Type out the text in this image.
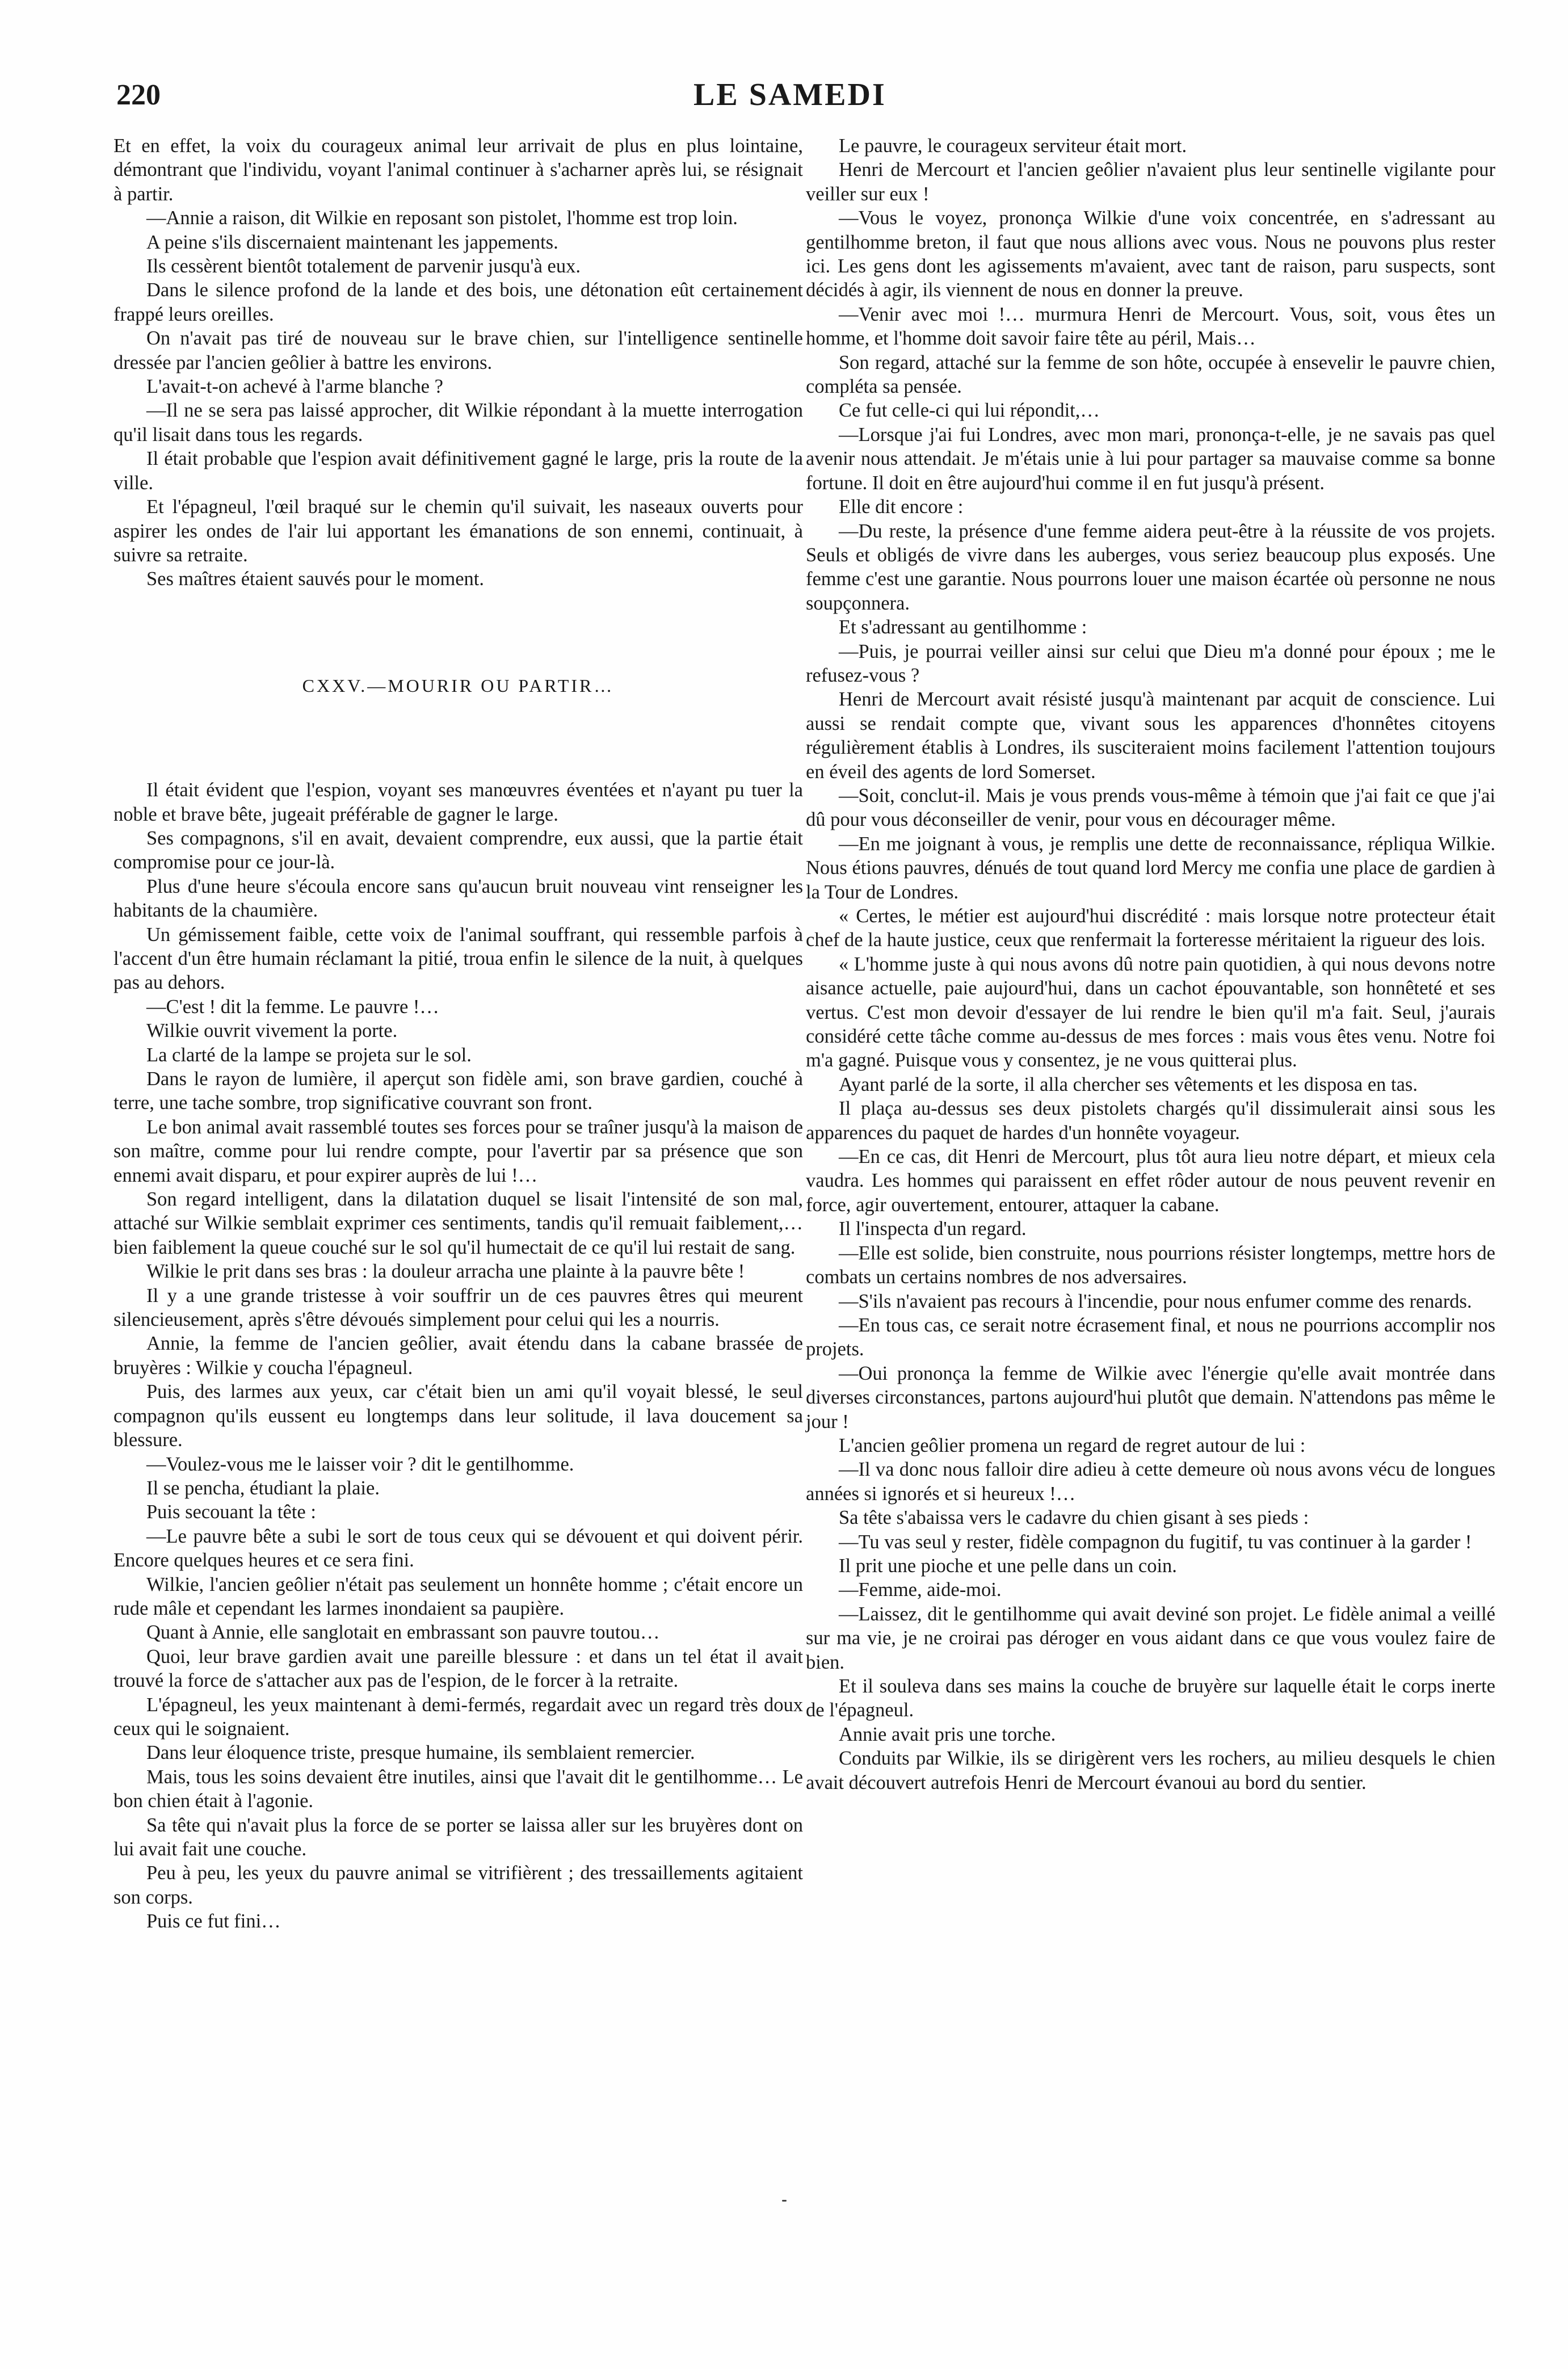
220	LE SAMEDI

Et en effet, la voix du courageux animal leur arrivait de plus en plus lointaine, démontrant que l'individu, voyant l'animal continuer à s'acharner après lui, se résignait à partir.

—Annie a raison, dit Wilkie en reposant son pistolet, l'homme est trop loin.

A peine s'ils discernaient maintenant les jappements.

Ils cessèrent bientôt totalement de parvenir jusqu'à eux.

Dans le silence profond de la lande et des bois, une détonation eût certainement frappé leurs oreilles.

On n'avait pas tiré de nouveau sur le brave chien, sur l'intelligence sentinelle dressée par l'ancien geôlier à battre les environs.

L'avait-t-on achevé à l'arme blanche ?

—Il ne se sera pas laissé approcher, dit Wilkie répondant à la muette interrogation qu'il lisait dans tous les regards.

Il était probable que l'espion avait définitivement gagné le large, pris la route de la ville.

Et l'épagneul, l'œil braqué sur le chemin qu'il suivait, les naseaux ouverts pour aspirer les ondes de l'air lui apportant les émanations de son ennemi, continuait, à suivre sa retraite.

Ses maîtres étaient sauvés pour le moment.

CXXV.—MOURIR OU PARTIR…

Il était évident que l'espion, voyant ses manœuvres éventées et n'ayant pu tuer la noble et brave bête, jugeait préférable de gagner le large.

Ses compagnons, s'il en avait, devaient comprendre, eux aussi, que la partie était compromise pour ce jour-là.

Plus d'une heure s'écoula encore sans qu'aucun bruit nouveau vint renseigner les habitants de la chaumière.

Un gémissement faible, cette voix de l'animal souffrant, qui ressemble parfois à l'accent d'un être humain réclamant la pitié, troua enfin le silence de la nuit, à quelques pas au dehors.

—C'est ! dit la femme. Le pauvre !…

Wilkie ouvrit vivement la porte.

La clarté de la lampe se projeta sur le sol.

Dans le rayon de lumière, il aperçut son fidèle ami, son brave gardien, couché à terre, une tache sombre, trop significative couvrant son front.

Le bon animal avait rassemblé toutes ses forces pour se traîner jusqu'à la maison de son maître, comme pour lui rendre compte, pour l'avertir par sa présence que son ennemi avait disparu, et pour expirer auprès de lui !…

Son regard intelligent, dans la dilatation duquel se lisait l'intensité de son mal, attaché sur Wilkie semblait exprimer ces sentiments, tandis qu'il remuait faiblement,… bien faiblement la queue couché sur le sol qu'il humectait de ce qu'il lui restait de sang.

Wilkie le prit dans ses bras : la douleur arracha une plainte à la pauvre bête !

Il y a une grande tristesse à voir souffrir un de ces pauvres êtres qui meurent silencieusement, après s'être dévoués simplement pour celui qui les a nourris.

Annie, la femme de l'ancien geôlier, avait étendu dans la cabane brassée de bruyères : Wilkie y coucha l'épagneul.

Puis, des larmes aux yeux, car c'était bien un ami qu'il voyait blessé, le seul compagnon qu'ils eussent eu longtemps dans leur solitude, il lava doucement sa blessure.

—Voulez-vous me le laisser voir ? dit le gentilhomme.

Il se pencha, étudiant la plaie.

Puis secouant la tête :

—Le pauvre bête a subi le sort de tous ceux qui se dévouent et qui doivent périr. Encore quelques heures et ce sera fini.

Wilkie, l'ancien geôlier n'était pas seulement un honnête homme ; c'était encore un rude mâle et cependant les larmes inondaient sa paupière.

Quant à Annie, elle sanglotait en embrassant son pauvre toutou…

Quoi, leur brave gardien avait une pareille blessure : et dans un tel état il avait trouvé la force de s'attacher aux pas de l'espion, de le forcer à la retraite.

L'épagneul, les yeux maintenant à demi-fermés, regardait avec un regard très doux ceux qui le soignaient.

Dans leur éloquence triste, presque humaine, ils semblaient remercier.

Mais, tous les soins devaient être inutiles, ainsi que l'avait dit le gentilhomme… Le bon chien était à l'agonie.

Sa tête qui n'avait plus la force de se porter se laissa aller sur les bruyères dont on lui avait fait une couche.

Peu à peu, les yeux du pauvre animal se vitrifièrent ; des tressaillements agitaient son corps.

Puis ce fut fini…

Le pauvre, le courageux serviteur était mort.

Henri de Mercourt et l'ancien geôlier n'avaient plus leur sentinelle vigilante pour veiller sur eux !

—Vous le voyez, prononça Wilkie d'une voix concentrée, en s'adressant au gentilhomme breton, il faut que nous allions avec vous. Nous ne pouvons plus rester ici. Les gens dont les agissements m'avaient, avec tant de raison, paru suspects, sont décidés à agir, ils viennent de nous en donner la preuve.

—Venir avec moi !… murmura Henri de Mercourt. Vous, soit, vous êtes un homme, et l'homme doit savoir faire tête au péril, Mais…

Son regard, attaché sur la femme de son hôte, occupée à ensevelir le pauvre chien, compléta sa pensée.

Ce fut celle-ci qui lui répondit,…

—Lorsque j'ai fui Londres, avec mon mari, prononça-t-elle, je ne savais pas quel avenir nous attendait. Je m'étais unie à lui pour partager sa mauvaise comme sa bonne fortune. Il doit en être aujourd'hui comme il en fut jusqu'à présent.

Elle dit encore :

—Du reste, la présence d'une femme aidera peut-être à la réussite de vos projets. Seuls et obligés de vivre dans les auberges, vous seriez beaucoup plus exposés. Une femme c'est une garantie. Nous pourrons louer une maison écartée où personne ne nous soupçonnera.

Et s'adressant au gentilhomme :

—Puis, je pourrai veiller ainsi sur celui que Dieu m'a donné pour époux ; me le refusez-vous ?

Henri de Mercourt avait résisté jusqu'à maintenant par acquit de conscience. Lui aussi se rendait compte que, vivant sous les apparences d'honnêtes citoyens régulièrement établis à Londres, ils susciteraient moins facilement l'attention toujours en éveil des agents de lord Somerset.

—Soit, conclut-il. Mais je vous prends vous-même à témoin que j'ai fait ce que j'ai dû pour vous déconseiller de venir, pour vous en décourager même.

—En me joignant à vous, je remplis une dette de reconnaissance, répliqua Wilkie. Nous étions pauvres, dénués de tout quand lord Mercy me confia une place de gardien à la Tour de Londres.

« Certes, le métier est aujourd'hui discrédité : mais lorsque notre protecteur était chef de la haute justice, ceux que renfermait la forteresse méritaient la rigueur des lois.

« L'homme juste à qui nous avons dû notre pain quotidien, à qui nous devons notre aisance actuelle, paie aujourd'hui, dans un cachot épouvantable, son honnêteté et ses vertus. C'est mon devoir d'essayer de lui rendre le bien qu'il m'a fait. Seul, j'aurais considéré cette tâche comme au-dessus de mes forces : mais vous êtes venu. Notre foi m'a gagné. Puisque vous y consentez, je ne vous quitterai plus.

Ayant parlé de la sorte, il alla chercher ses vêtements et les disposa en tas.

Il plaça au-dessus ses deux pistolets chargés qu'il dissimulerait ainsi sous les apparences du paquet de hardes d'un honnête voyageur.

—En ce cas, dit Henri de Mercourt, plus tôt aura lieu notre départ, et mieux cela vaudra. Les hommes qui paraissent en effet rôder autour de nous peuvent revenir en force, agir ouvertement, entourer, attaquer la cabane.

Il l'inspecta d'un regard.

—Elle est solide, bien construite, nous pourrions résister longtemps, mettre hors de combats un certains nombres de nos adversaires.

—S'ils n'avaient pas recours à l'incendie, pour nous enfumer comme des renards.

—En tous cas, ce serait notre écrasement final, et nous ne pourrions accomplir nos projets.

—Oui prononça la femme de Wilkie avec l'énergie qu'elle avait montrée dans diverses circonstances, partons aujourd'hui plutôt que demain. N'attendons pas même le jour !

L'ancien geôlier promena un regard de regret autour de lui :

—Il va donc nous falloir dire adieu à cette demeure où nous avons vécu de longues années si ignorés et si heureux !…

Sa tête s'abaissa vers le cadavre du chien gisant à ses pieds :

—Tu vas seul y rester, fidèle compagnon du fugitif, tu vas continuer à la garder !

Il prit une pioche et une pelle dans un coin.

—Femme, aide-moi.

—Laissez, dit le gentilhomme qui avait deviné son projet. Le fidèle animal a veillé sur ma vie, je ne croirai pas déroger en vous aidant dans ce que vous voulez faire de bien.

Et il souleva dans ses mains la couche de bruyère sur laquelle était le corps inerte de l'épagneul.

Annie avait pris une torche.

Conduits par Wilkie, ils se dirigèrent vers les rochers, au milieu desquels le chien avait découvert autrefois Henri de Mercourt évanoui au bord du sentier.
